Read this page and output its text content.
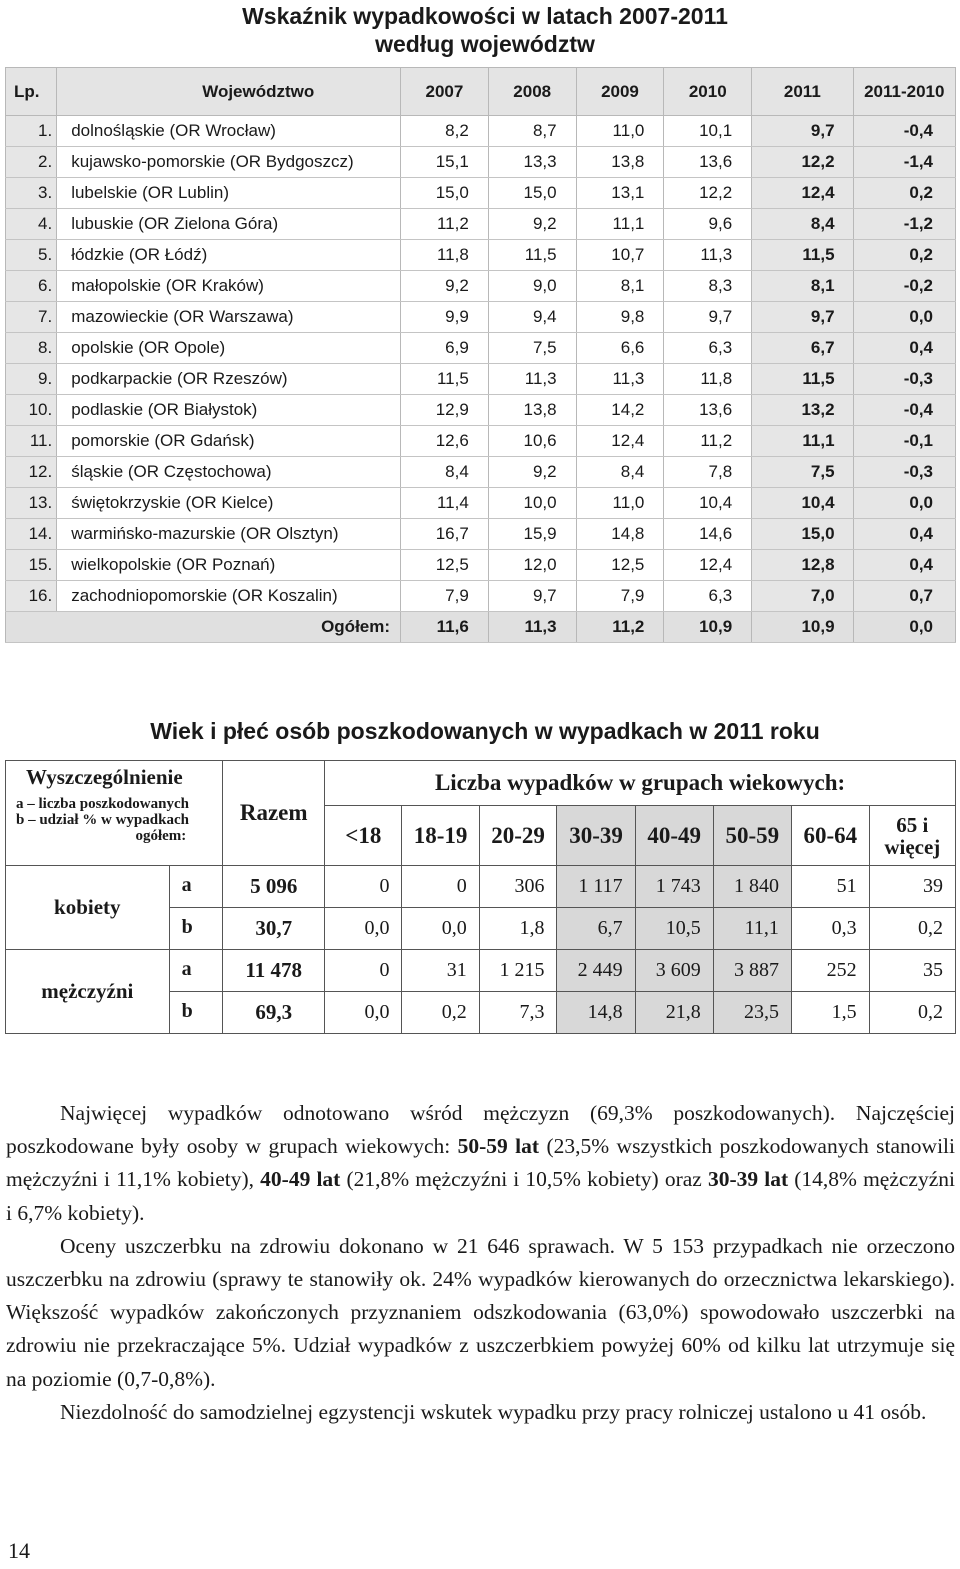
Wskaźnik wypadkowości w latach 2007-2011
według województw
Lp.	Województwo	2007	2008	2009	2010	2011	2011-2010
1.	dolnośląskie (OR Wrocław)	8,2	8,7	11,0	10,1	9,7	-0,4
2.	kujawsko-pomorskie (OR Bydgoszcz)	15,1	13,3	13,8	13,6	12,2	-1,4
3.	lubelskie (OR Lublin)	15,0	15,0	13,1	12,2	12,4	0,2
4.	lubuskie (OR Zielona Góra)	11,2	9,2	11,1	9,6	8,4	-1,2
5.	łódzkie (OR Łódź)	11,8	11,5	10,7	11,3	11,5	0,2
6.	małopolskie (OR Kraków)	9,2	9,0	8,1	8,3	8,1	-0,2
7.	mazowieckie (OR Warszawa)	9,9	9,4	9,8	9,7	9,7	0,0
8.	opolskie (OR Opole)	6,9	7,5	6,6	6,3	6,7	0,4
9.	podkarpackie (OR Rzeszów)	11,5	11,3	11,3	11,8	11,5	-0,3
10.	podlaskie (OR Białystok)	12,9	13,8	14,2	13,6	13,2	-0,4
11.	pomorskie (OR Gdańsk)	12,6	10,6	12,4	11,2	11,1	-0,1
12.	śląskie (OR Częstochowa)	8,4	9,2	8,4	7,8	7,5	-0,3
13.	świętokrzyskie (OR Kielce)	11,4	10,0	11,0	10,4	10,4	0,0
14.	warmińsko-mazurskie (OR Olsztyn)	16,7	15,9	14,8	14,6	15,0	0,4
15.	wielkopolskie (OR Poznań)	12,5	12,0	12,5	12,4	12,8	0,4
16.	zachodniopomorskie (OR Koszalin)	7,9	9,7	7,9	6,3	7,0	0,7
Ogółem:		11,6	11,3	11,2	10,9	10,9	0,0
Wiek i płeć osób poszkodowanych w wypadkach w 2011 roku
Wyszczególnienie
a – liczba poszkodowanych
b – udział % w wypadkach
ogółem:		Razem	Liczba wypadków w grupach wiekowych:							
			<18	18-19	20-29	30-39	40-49	50-59	60-64	65 i więcej
kobiety	a	5 096	0	0	306	1 117	1 743	1 840	51	39
	b	30,7	0,0	0,0	1,8	6,7	10,5	11,1	0,3	0,2
mężczyźni	a	11 478	0	31	1 215	2 449	3 609	3 887	252	35
	b	69,3	0,0	0,2	7,3	14,8	21,8	23,5	1,5	0,2

Najwięcej wypadków odnotowano wśród mężczyzn (69,3% poszkodowanych). Najczęściej poszkodowane były osoby w grupach wiekowych: 50-59 lat (23,5% wszystkich poszkodowanych stanowili mężczyźni i 11,1% kobiety), 40-49 lat (21,8% mężczyźni i 10,5% kobiety) oraz 30-39 lat (14,8% mężczyźni i 6,7% kobiety).

Oceny uszczerbku na zdrowiu dokonano w 21 646 sprawach. W 5 153 przypadkach nie orzeczono uszczerbku na zdrowiu (sprawy te stanowiły ok. 24% wypadków kierowanych do orzecznictwa lekarskiego). Większość wypadków zakończonych przyznaniem odszkodowania (63,0%) spowodowało uszczerbki na zdrowiu nie przekraczające 5%. Udział wypadków z uszczerbkiem powyżej 60% od kilku lat utrzymuje się na poziomie (0,7-0,8%).

Niezdolność do samodzielnej egzystencji wskutek wypadku przy pracy rolniczej ustalono u 41 osób.

14
